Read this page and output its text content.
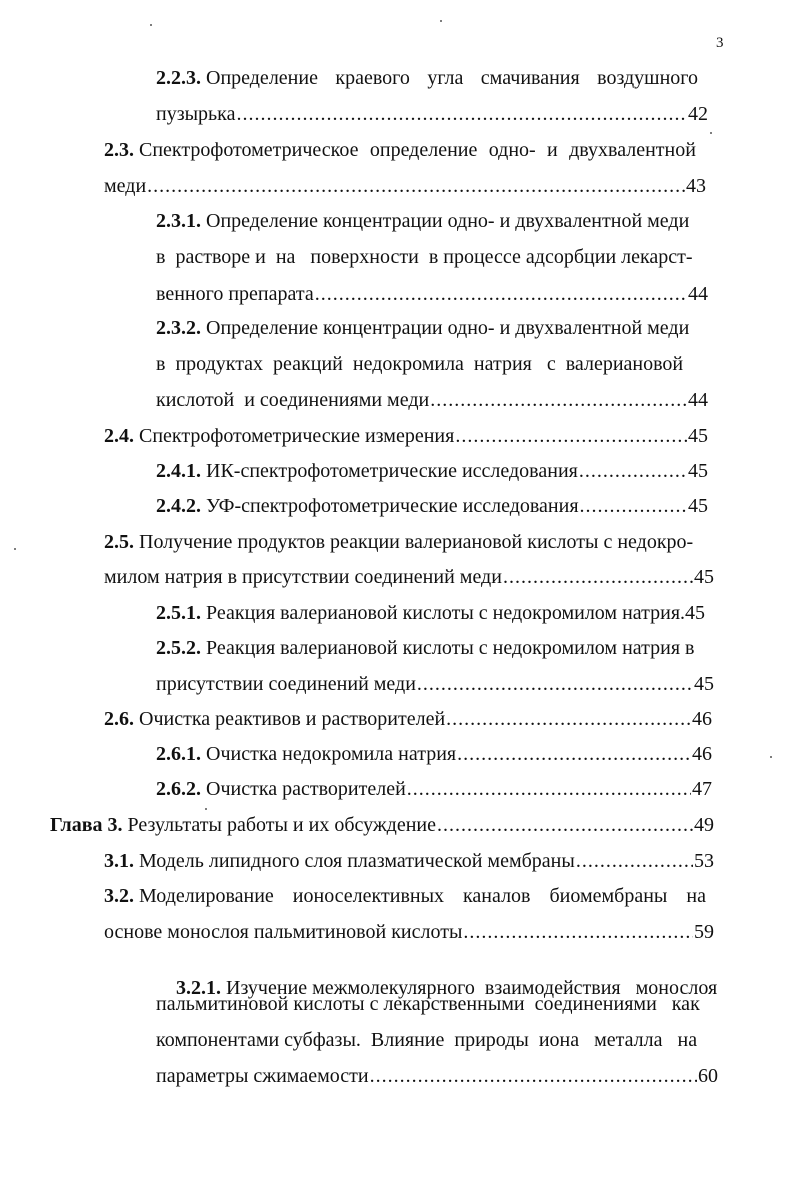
3
2.2.3. Определение краевого угла смачивания воздушного
пузырька .....	42
2.3. Спектрофотометрическое определение одно- и двухвалентной
меди .....	43
2.3.1. Определение концентрации одно- и двухвалентной меди
в  растворе и  на   поверхности  в процессе адсорбции лекарст-
венного препарата .....	44
2.3.2. Определение концентрации одно- и двухвалентной меди
в  продуктах  реакций  недокромила  натрия   с  валериановой
кислотой  и соединениями меди .....	44
2.4. Спектрофотометрические измерения .....	45
2.4.1. ИК-спектрофотометрические исследования .....	45
2.4.2. УФ-спектрофотометрические исследования .....	45
2.5. Получение продуктов реакции валериановой кислоты с недокро-
милом натрия в присутствии соединений меди .....	45
2.5.1. Реакция валериановой кислоты с недокромилом натрия.45
2.5.2. Реакция валериановой кислоты с недокромилом натрия в
присутствии соединений меди .....	45
2.6. Очистка реактивов и растворителей .....	46
2.6.1. Очистка недокромила натрия .....	46
2.6.2. Очистка растворителей .....	47
Глава 3. Результаты работы и их обсуждение .....	49
3.1. Модель липидного слоя плазматической мембраны .....	53
3.2. Моделирование ионоселективных каналов биомембраны на
основе монослоя пальмитиновой кислоты .....	59

3.2.1. Изучение межмолекулярного  взаимодействия   монослоя

пальмитиновой кислоты с лекарственными  соединениями   как
компонентами субфазы.  Влияние  природы  иона   металла   на
параметры сжимаемости .....	60
